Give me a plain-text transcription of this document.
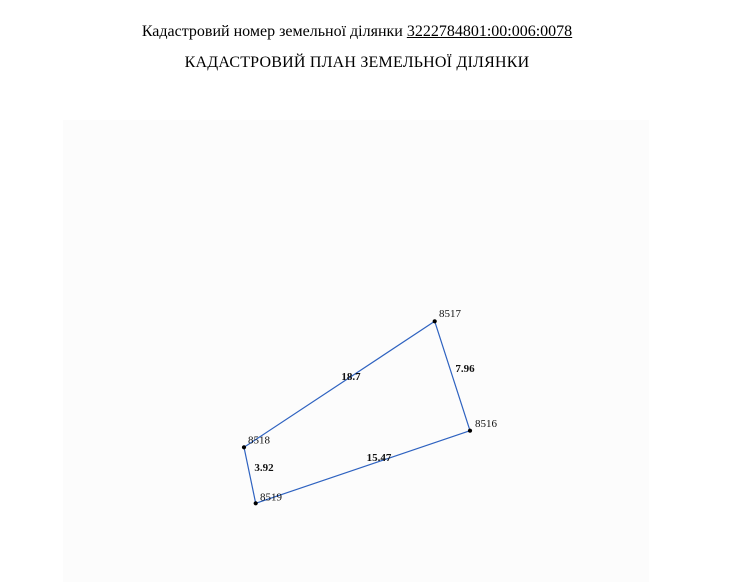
Кадастровий номер земельної ділянки 3222784801:00:006:0078
КАДАСТРОВИЙ ПЛАН ЗЕМЕЛЬНОЇ ДІЛЯНКИ
18.7
7.96
15.47
3.92
8517
8516
8519
8518
